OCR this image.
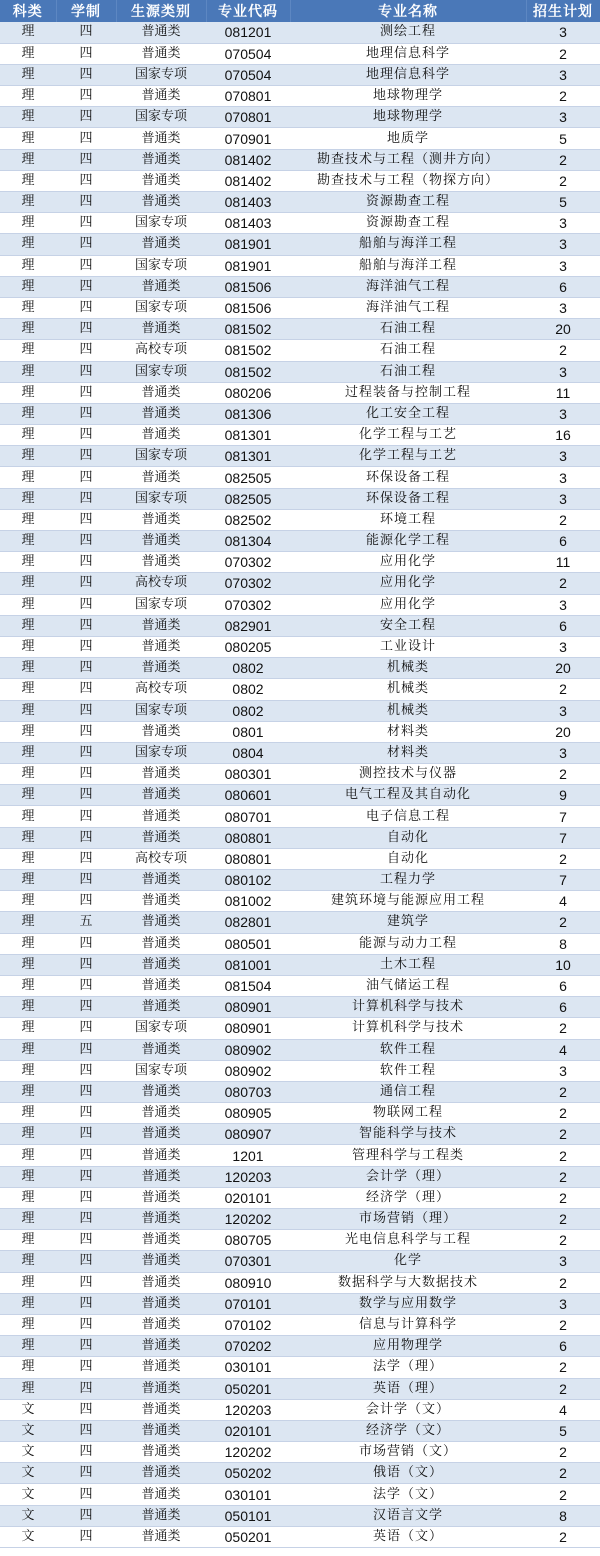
科类	学制	生源类别	专业代码	专业名称	招生计划
理	四	普通类	081201	测绘工程	3
理	四	普通类	070504	地理信息科学	2
理	四	国家专项	070504	地理信息科学	3
理	四	普通类	070801	地球物理学	2
理	四	国家专项	070801	地球物理学	3
理	四	普通类	070901	地质学	5
理	四	普通类	081402	勘查技术与工程（测井方向）	2
理	四	普通类	081402	勘查技术与工程（物探方向）	2
理	四	普通类	081403	资源勘查工程	5
理	四	国家专项	081403	资源勘查工程	3
理	四	普通类	081901	船舶与海洋工程	3
理	四	国家专项	081901	船舶与海洋工程	3
理	四	普通类	081506	海洋油气工程	6
理	四	国家专项	081506	海洋油气工程	3
理	四	普通类	081502	石油工程	20
理	四	高校专项	081502	石油工程	2
理	四	国家专项	081502	石油工程	3
理	四	普通类	080206	过程装备与控制工程	11
理	四	普通类	081306	化工安全工程	3
理	四	普通类	081301	化学工程与工艺	16
理	四	国家专项	081301	化学工程与工艺	3
理	四	普通类	082505	环保设备工程	3
理	四	国家专项	082505	环保设备工程	3
理	四	普通类	082502	环境工程	2
理	四	普通类	081304	能源化学工程	6
理	四	普通类	070302	应用化学	11
理	四	高校专项	070302	应用化学	2
理	四	国家专项	070302	应用化学	3
理	四	普通类	082901	安全工程	6
理	四	普通类	080205	工业设计	3
理	四	普通类	0802	机械类	20
理	四	高校专项	0802	机械类	2
理	四	国家专项	0802	机械类	3
理	四	普通类	0801	材料类	20
理	四	国家专项	0804	材料类	3
理	四	普通类	080301	测控技术与仪器	2
理	四	普通类	080601	电气工程及其自动化	9
理	四	普通类	080701	电子信息工程	7
理	四	普通类	080801	自动化	7
理	四	高校专项	080801	自动化	2
理	四	普通类	080102	工程力学	7
理	四	普通类	081002	建筑环境与能源应用工程	4
理	五	普通类	082801	建筑学	2
理	四	普通类	080501	能源与动力工程	8
理	四	普通类	081001	土木工程	10
理	四	普通类	081504	油气储运工程	6
理	四	普通类	080901	计算机科学与技术	6
理	四	国家专项	080901	计算机科学与技术	2
理	四	普通类	080902	软件工程	4
理	四	国家专项	080902	软件工程	3
理	四	普通类	080703	通信工程	2
理	四	普通类	080905	物联网工程	2
理	四	普通类	080907	智能科学与技术	2
理	四	普通类	1201	管理科学与工程类	2
理	四	普通类	120203	会计学（理）	2
理	四	普通类	020101	经济学（理）	2
理	四	普通类	120202	市场营销（理）	2
理	四	普通类	080705	光电信息科学与工程	2
理	四	普通类	070301	化学	3
理	四	普通类	080910	数据科学与大数据技术	2
理	四	普通类	070101	数学与应用数学	3
理	四	普通类	070102	信息与计算科学	2
理	四	普通类	070202	应用物理学	6
理	四	普通类	030101	法学（理）	2
理	四	普通类	050201	英语（理）	2
文	四	普通类	120203	会计学（文）	4
文	四	普通类	020101	经济学（文）	5
文	四	普通类	120202	市场营销（文）	2
文	四	普通类	050202	俄语（文）	2
文	四	普通类	030101	法学（文）	2
文	四	普通类	050101	汉语言文学	8
文	四	普通类	050201	英语（文）	2
